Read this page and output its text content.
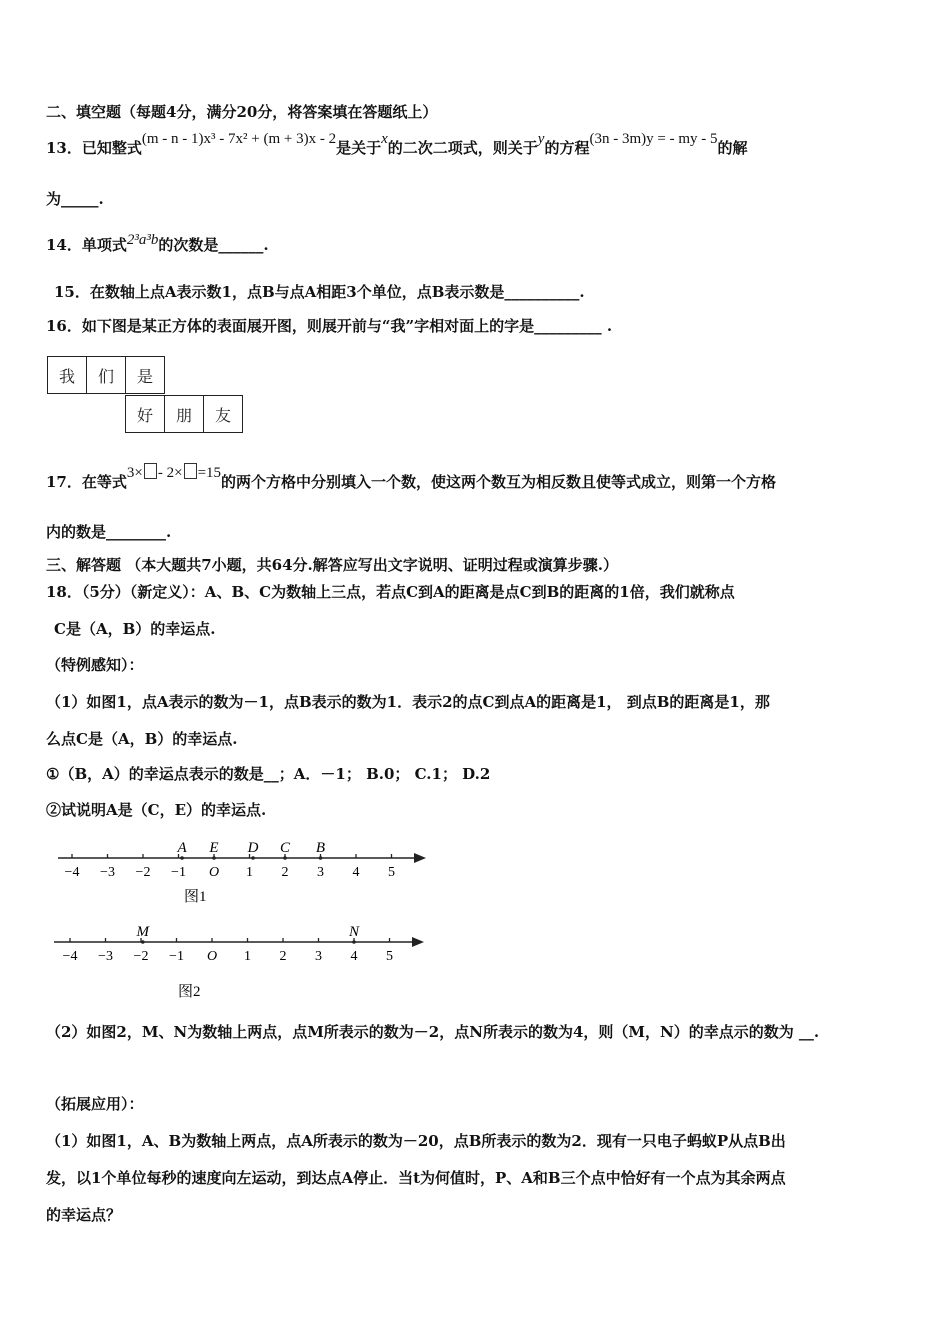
二、填空题（每题4分，满分20分，将答案填在答题纸上）
13．已知整式(m - n - 1)x³ - 7x² + (m + 3)x - 2是关于x的二次二项式，则关于y的方程(3n - 3m)y = - my - 5的解
为_____.
14．单项式2³a³b的次数是______.
15．在数轴上点A表示数1，点B与点A相距3个单位，点B表示数是__________.
16．如下图是某正方体的表面展开图，则展开前与“我”字相对面上的字是_________ .
我	们	是
好	朋	友
17．在等式3× - 2× =15的两个方格中分别填入一个数，使这两个数互为相反数且使等式成立，则第一个方格
内的数是________.
三、解答题 （本大题共7小题，共64分.解答应写出文字说明、证明过程或演算步骤.）
18．（5分）（新定义）：A、B、C为数轴上三点，若点C到A的距离是点C到B的距离的1倍，我们就称点
C是（A，B）的幸运点.
（特例感知）：
（1）如图1，点A表示的数为－1，点B表示的数为1．表示2的点C到点A的距离是1， 到点B的距离是1，那
么点C是（A，B）的幸运点.
①（B，A）的幸运点表示的数是__；A．－1； B.0； C.1； D.2
②试说明A是（C，E）的幸运点.
−4 −3 −2 −1 O 1 2 3 4 5
A E D C B
图1
−4 −3 −2 −1 O 1 2 3 4 5
M	N
图2
（2）如图2，M、N为数轴上两点，点M所表示的数为－2，点N所表示的数为4，则（M，N）的幸点示的数为 __.
（拓展应用）：
（1）如图1，A、B为数轴上两点，点A所表示的数为－20，点B所表示的数为2．现有一只电子蚂蚁P从点B出
发，以1个单位每秒的速度向左运动，到达点A停止．当t为何值时，P、A和B三个点中恰好有一个点为其余两点
的幸运点？
